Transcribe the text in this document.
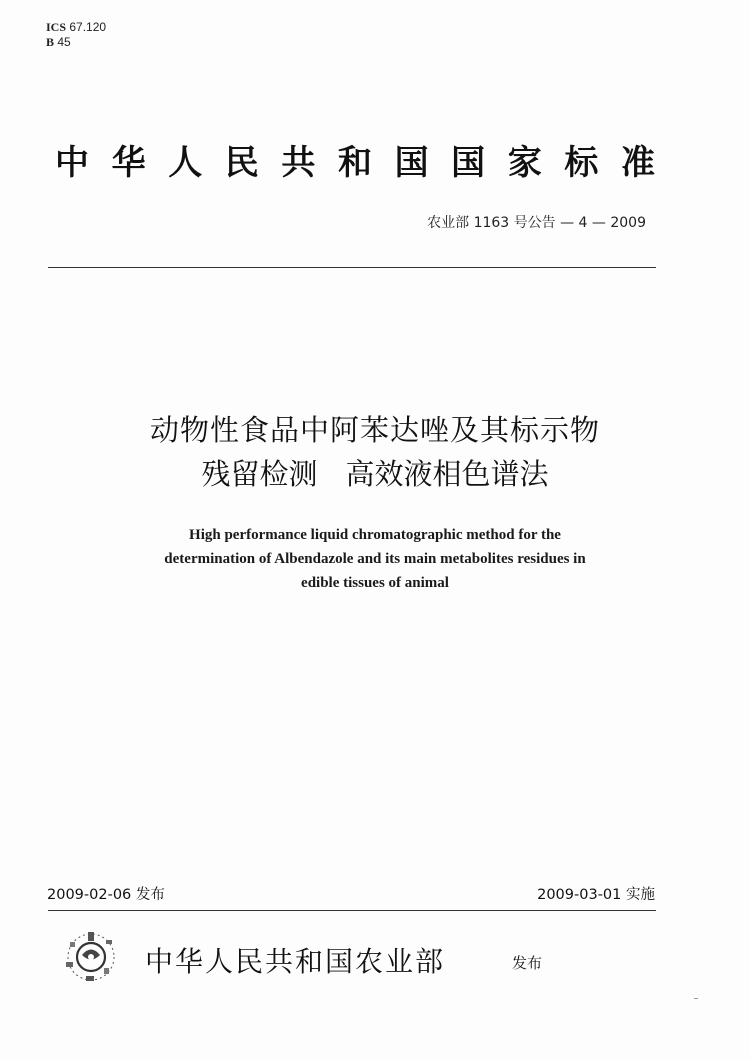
ICS 67.120
B 45
中 华 人 民 共 和 国 国 家 标 准
农业部 1163 号公告 — 4 — 2009
动物性食品中阿苯达唑及其标示物
残留检测 高效液相色谱法
High performance liquid chromatographic method for the
determination of Albendazole and its main metabolites residues in
edible tissues of animal
2009-02-06 发布	2009-03-01 实施
中华人民共和国农业部	发布
